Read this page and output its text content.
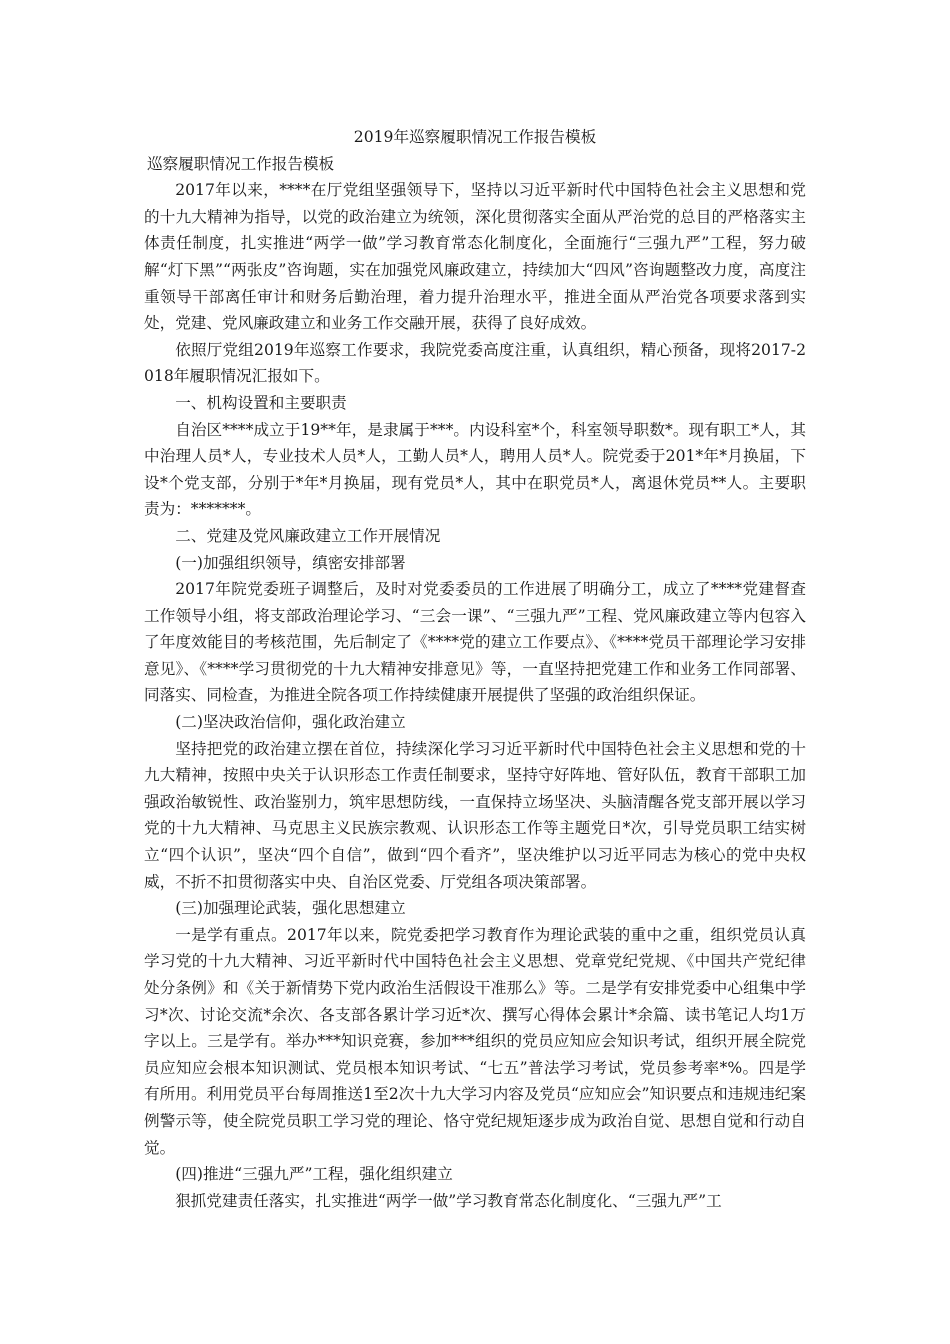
2019年巡察履职情况工作报告模板

巡察履职情况工作报告模板

2017年以来，****在厅党组坚强领导下，坚持以习近平新时代中国特色社会主义思想和党的十九大精神为指导，以党的政治建立为统领，深化贯彻落实全面从严治党的总目的严格落实主体责任制度，扎实推进“两学一做”学习教育常态化制度化，全面施行“三强九严”工程，努力破解“灯下黑”“两张皮”咨询题，实在加强党风廉政建立，持续加大“四风”咨询题整改力度，高度注重领导干部离任审计和财务后勤治理，着力提升治理水平，推进全面从严治党各项要求落到实处，党建、党风廉政建立和业务工作交融开展，获得了良好成效。

依照厅党组2019年巡察工作要求，我院党委高度注重，认真组织，精心预备，现将2017-2018年履职情况汇报如下。

一、机构设置和主要职责

自治区****成立于19**年，是隶属于***。内设科室*个，科室领导职数*。现有职工*人，其中治理人员*人，专业技术人员*人，工勤人员*人，聘用人员*人。院党委于201*年*月换届，下设*个党支部，分别于*年*月换届，现有党员*人，其中在职党员*人，离退休党员**人。主要职责为：*******。

二、党建及党风廉政建立工作开展情况

(一)加强组织领导，缜密安排部署

2017年院党委班子调整后，及时对党委委员的工作进展了明确分工，成立了****党建督查工作领导小组，将支部政治理论学习、“三会一课”、“三强九严”工程、党风廉政建立等内包容入了年度效能目的考核范围，先后制定了《****党的建立工作要点》、《****党员干部理论学习安排意见》、《****学习贯彻党的十九大精神安排意见》等，一直坚持把党建工作和业务工作同部署、同落实、同检查，为推进全院各项工作持续健康开展提供了坚强的政治组织保证。

(二)坚决政治信仰，强化政治建立

坚持把党的政治建立摆在首位，持续深化学习习近平新时代中国特色社会主义思想和党的十九大精神，按照中央关于认识形态工作责任制要求，坚持守好阵地、管好队伍，教育干部职工加强政治敏锐性、政治鉴别力，筑牢思想防线，一直保持立场坚决、头脑清醒各党支部开展以学习党的十九大精神、马克思主义民族宗教观、认识形态工作等主题党日*次，引导党员职工结实树立“四个认识”，坚决“四个自信”，做到“四个看齐”，坚决维护以习近平同志为核心的党中央权威，不折不扣贯彻落实中央、自治区党委、厅党组各项决策部署。

(三)加强理论武装，强化思想建立

一是学有重点。2017年以来，院党委把学习教育作为理论武装的重中之重，组织党员认真学习党的十九大精神、习近平新时代中国特色社会主义思想、党章党纪党规、《中国共产党纪律处分条例》和《关于新情势下党内政治生活假设干准那么》等。二是学有安排党委中心组集中学习*次、讨论交流*余次、各支部各累计学习近*次、撰写心得体会累计*余篇、读书笔记人均1万字以上。三是学有。举办***知识竞赛，参加***组织的党员应知应会知识考试，组织开展全院党员应知应会根本知识测试、党员根本知识考试、“七五”普法学习考试，党员参考率*%。四是学有所用。利用党员平台每周推送1至2次十九大学习内容及党员“应知应会”知识要点和违规违纪案例警示等，使全院党员职工学习党的理论、恪守党纪规矩逐步成为政治自觉、思想自觉和行动自觉。

(四)推进“三强九严”工程，强化组织建立

狠抓党建责任落实，扎实推进“两学一做”学习教育常态化制度化、“三强九严”工
